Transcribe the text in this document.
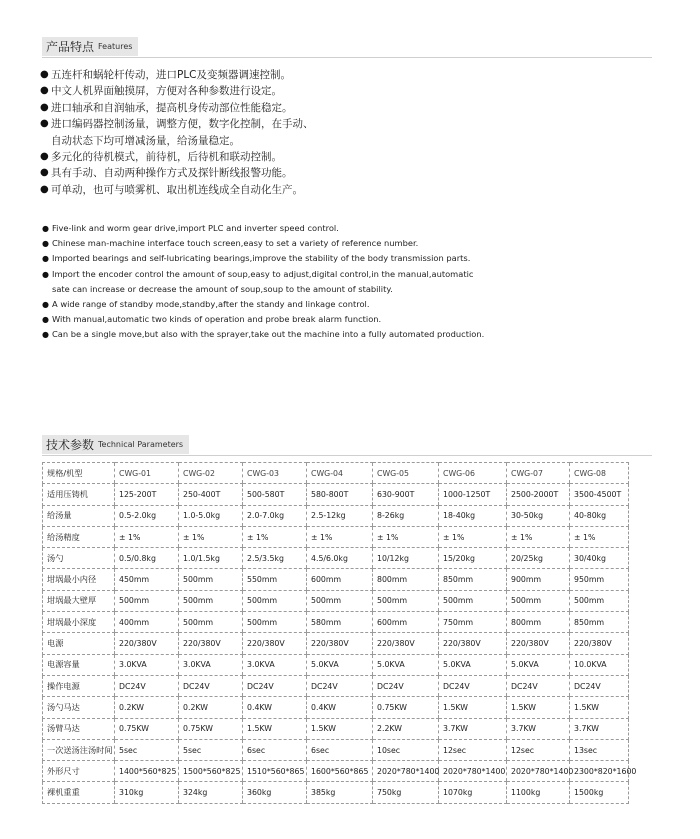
产品特点 Features
● 五连杆和蜗轮杆传动，进口PLC及变频器调速控制。
● 中文人机界面触摸屏，方便对各种参数进行设定。
● 进口轴承和自润轴承，提高机身传动部位性能稳定。
● 进口编码器控制汤量，调整方便，数字化控制，在手动、
自动状态下均可增减汤量，给汤量稳定。
● 多元化的待机模式，前待机，后待机和联动控制。
● 具有手动、自动两种操作方式及探针断线报警功能。
● 可单动，也可与喷雾机、取出机连线成全自动化生产。
● Five-link and worm gear drive,import PLC and inverter speed control.
● Chinese man-machine interface touch screen,easy to set a variety of reference number.
● Imported bearings and self-lubricating bearings,improve the stability of the body transmission parts.
● Import the encoder control the amount of soup,easy to adjust,digital control,in the manual,automatic
sate can increase or decrease the amount of soup,soup to the amount of stability.
● A wide range of standby mode,standby,after the standy and linkage control.
● With manual,automatic two kinds of operation and probe break alarm function.
● Can be a single move,but also with the sprayer,take out the machine into a fully automated production.
技术参数 Technical Parameters
规格/机型	CWG-01	CWG-02	CWG-03	CWG-04	CWG-05	CWG-06	CWG-07	CWG-08
适用压铸机	125-200T	250-400T	500-580T	580-800T	630-900T	1000-1250T	2500-2000T	3500-4500T
给汤量	0.5-2.0kg	1.0-5.0kg	2.0-7.0kg	2.5-12kg	8-26kg	18-40kg	30-50kg	40-80kg
给汤精度	± 1%	± 1%	± 1%	± 1%	± 1%	± 1%	± 1%	± 1%
汤勺	0.5/0.8kg	1.0/1.5kg	2.5/3.5kg	4.5/6.0kg	10/12kg	15/20kg	20/25kg	30/40kg
坩埚最小内径	450mm	500mm	550mm	600mm	800mm	850mm	900mm	950mm
坩埚最大壁厚	500mm	500mm	500mm	500mm	500mm	500mm	500mm	500mm
坩埚最小深度	400mm	500mm	500mm	580mm	600mm	750mm	800mm	850mm
电源	220/380V	220/380V	220/380V	220/380V	220/380V	220/380V	220/380V	220/380V
电源容量	3.0KVA	3.0KVA	3.0KVA	5.0KVA	5.0KVA	5.0KVA	5.0KVA	10.0KVA
操作电源	DC24V	DC24V	DC24V	DC24V	DC24V	DC24V	DC24V	DC24V
汤勺马达	0.2KW	0.2KW	0.4KW	0.4KW	0.75KW	1.5KW	1.5KW	1.5KW
汤臂马达	0.75KW	0.75KW	1.5KW	1.5KW	2.2KW	3.7KW	3.7KW	3.7KW
一次送汤注汤时间	5sec	5sec	6sec	6sec	10sec	12sec	12sec	13sec
外形尺寸	1400*560*825	1500*560*825	1510*560*865	1600*560*865	2020*780*1400	2020*780*1400	2020*780*1400	2300*820*1600
裸机重重	310kg	324kg	360kg	385kg	750kg	1070kg	1100kg	1500kg
